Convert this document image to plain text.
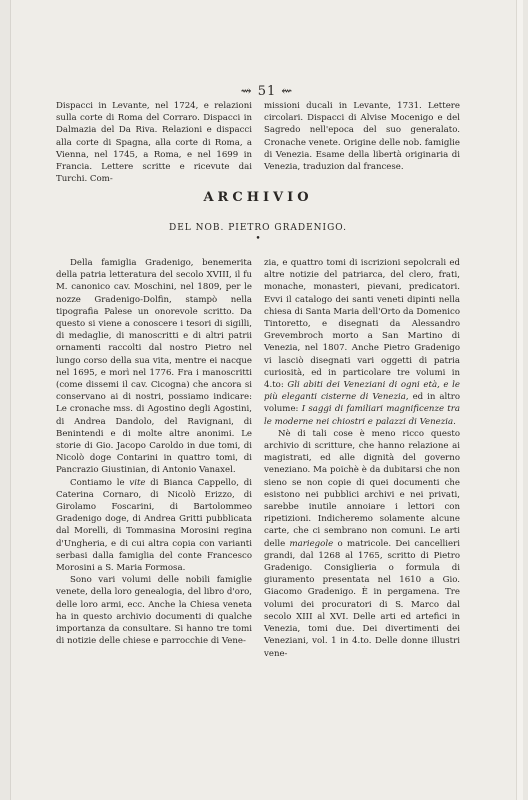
⇝ 51 ⇜

Dispacci in Levante, nel 1724, e relazioni sulla corte di Roma del Corraro. Dispacci in Dalmazia del Da Riva. Relazioni e dispacci alla corte di Spagna, alla corte di Roma, a Vienna, nel 1745, a Roma, e nel 1699 in Francia. Lettere scritte e ricevute dai Turchi. Com-

missioni ducali in Levante, 1731. Lettere circolari. Dispacci di Alvise Mocenigo e del Sagredo nell'epoca del suo generalato. Cronache venete. Origine delle nob. famiglie di Venezia. Esame della libertà originaria di Venezia, traduzion dal francese.

ARCHIVIO
DEL NOB. PIETRO GRADENIGO.
•

Della famiglia Gradenigo, benemerita della patria letteratura del secolo XVIII, il fu M. canonico cav. Moschini, nel 1809, per le nozze Gradenigo-Dolfin, stampò nella tipografia Palese un onorevole scritto. Da questo si viene a conoscere i tesori di sigilli, di medaglie, di manoscritti e di altri patrii ornamenti raccolti dal nostro Pietro nel lungo corso della sua vita, mentre ei nacque nel 1695, e morì nel 1776. Fra i manoscritti (come dissemi il cav. Cicogna) che ancora si conservano ai di nostri, possiamo indicare: Le cronache mss. di Agostino degli Agostini, di Andrea Dandolo, del Ravignani, di Benintendi e di molte altre anonimi. Le storie di Gio. Jacopo Caroldo in due tomi, di Nicolò doge Contarini in quattro tomi, di Pancrazio Giustinian, di Antonio Vanaxel.

Contiamo le vite di Bianca Cappello, di Caterina Cornaro, di Nicolò Erizzo, di Girolamo Foscarini, di Bartolommeo Gradenigo doge, di Andrea Gritti pubblicata dal Morelli, di Tommasina Morosini regina d'Ungheria, e di cui altra copia con varianti serbasi dalla famiglia del conte Francesco Morosini a S. Maria Formosa.

Sono vari volumi delle nobili famiglie venete, della loro genealogia, del libro d'oro, delle loro armi, ecc. Anche la Chiesa veneta ha in questo archivio documenti di qualche importanza da consultare. Si hanno tre tomi di notizie delle chiese e parrocchie di Vene-

zia, e quattro tomi di iscrizioni sepolcrali ed altre notizie del patriarca, del clero, frati, monache, monasteri, pievani, predicatori. Evvi il catalogo dei santi veneti dipinti nella chiesa di Santa Maria dell'Orto da Domenico Tintoretto, e disegnati da Alessandro Grevembroch morto a San Martino di Venezia, nel 1807. Anche Pietro Gradenigo vi lasciò disegnati vari oggetti di patria curiosità, ed in particolare tre volumi in 4.to: Gli abiti dei Veneziani di ogni età, e le più eleganti cisterne di Venezia, ed in altro volume: I saggi di familiari magnificenze tra le moderne nei chiostri e palazzi di Venezia.

Nè di tali cose è meno ricco questo archivio di scritture, che hanno relazione ai magistrati, ed alle dignità del governo veneziano. Ma poichè è da dubitarsi che non sieno se non copie di quei documenti che esistono nei pubblici archivi e nei privati, sarebbe inutile annoiare i lettori con ripetizioni. Indicheremo solamente alcune carte, che ci sembrano non comuni. Le arti delle mariegole o matricole. Dei cancellieri grandi, dal 1268 al 1765, scritto di Pietro Gradenigo. Consiglieria o formula di giuramento presentata nel 1610 a Gio. Giacomo Gradenigo. È in pergamena. Tre volumi dei procuratori di S. Marco dal secolo XIII al XVI. Delle arti ed artefici in Venezia, tomi due. Dei divertimenti dei Veneziani, vol. 1 in 4.to. Delle donne illustri vene-
